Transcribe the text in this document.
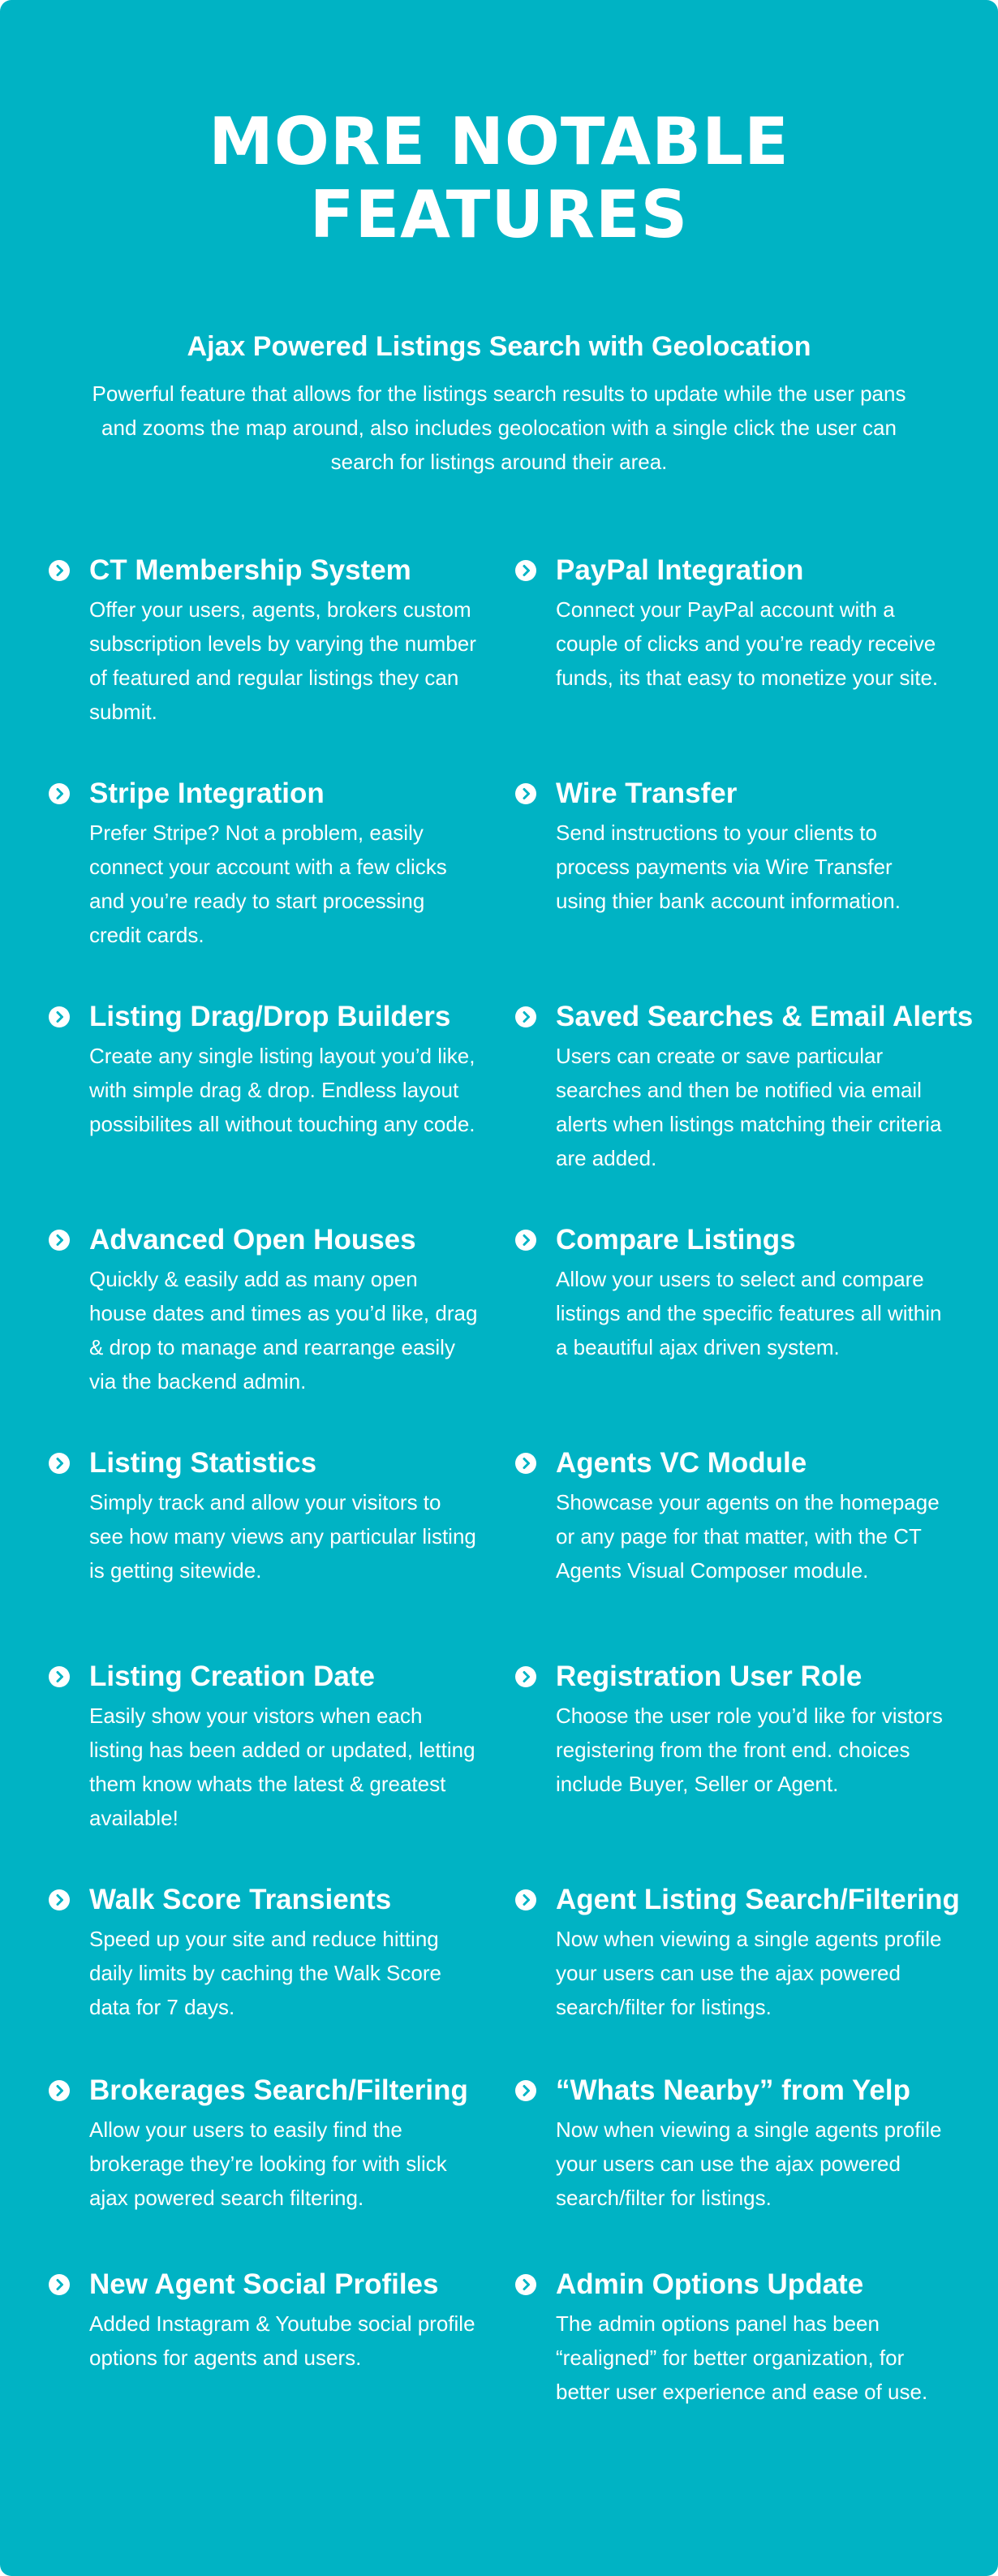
MORE NOTABLE
FEATURES
Ajax Powered Listings Search with Geolocation

Powerful feature that allows for the listings search results to update while the user pans and zooms the map around, also includes geolocation with a single click the user can search for listings around their area.

CT Membership System

Offer your users, agents, brokers custom subscription levels by varying the number of featured and regular listings they can submit.

PayPal Integration

Connect your PayPal account with a couple of clicks and you’re ready receive funds, its that easy to monetize your site.

Stripe Integration

Prefer Stripe? Not a problem, easily connect your account with a few clicks and you’re ready to start processing credit cards.

Wire Transfer

Send instructions to your clients to process payments via Wire Transfer using thier bank account information.

Listing Drag/Drop Builders

Create any single listing layout you’d like, with simple drag & drop. Endless layout possibilites all without touching any code.

Saved Searches & Email Alerts

Users can create or save particular searches and then be notified via email alerts when listings matching their criteria are added.

Advanced Open Houses

Quickly & easily add as many open house dates and times as you’d like, drag & drop to manage and rearrange easily via the backend admin.

Compare Listings

Allow your users to select and compare listings and the specific features all within a beautiful ajax driven system.

Listing Statistics

Simply track and allow your visitors to see how many views any particular listing is getting sitewide.

Agents VC Module

Showcase your agents on the homepage or any page for that matter, with the CT Agents Visual Composer module.

Listing Creation Date

Easily show your vistors when each listing has been added or updated, letting them know whats the latest & greatest available!

Registration User Role

Choose the user role you’d like for vistors registering from the front end. choices include Buyer, Seller or Agent.

Walk Score Transients

Speed up your site and reduce hitting daily limits by caching the Walk Score data for 7 days.

Agent Listing Search/Filtering

Now when viewing a single agents profile your users can use the ajax powered search/filter for listings.

Brokerages Search/Filtering

Allow your users to easily find the brokerage they’re looking for with slick ajax powered search filtering.

“Whats Nearby” from Yelp

Now when viewing a single agents profile your users can use the ajax powered search/filter for listings.

New Agent Social Profiles

Added Instagram & Youtube social profile options for agents and users.

Admin Options Update

The admin options panel has been “realigned” for better organization, for better user experience and ease of use.
